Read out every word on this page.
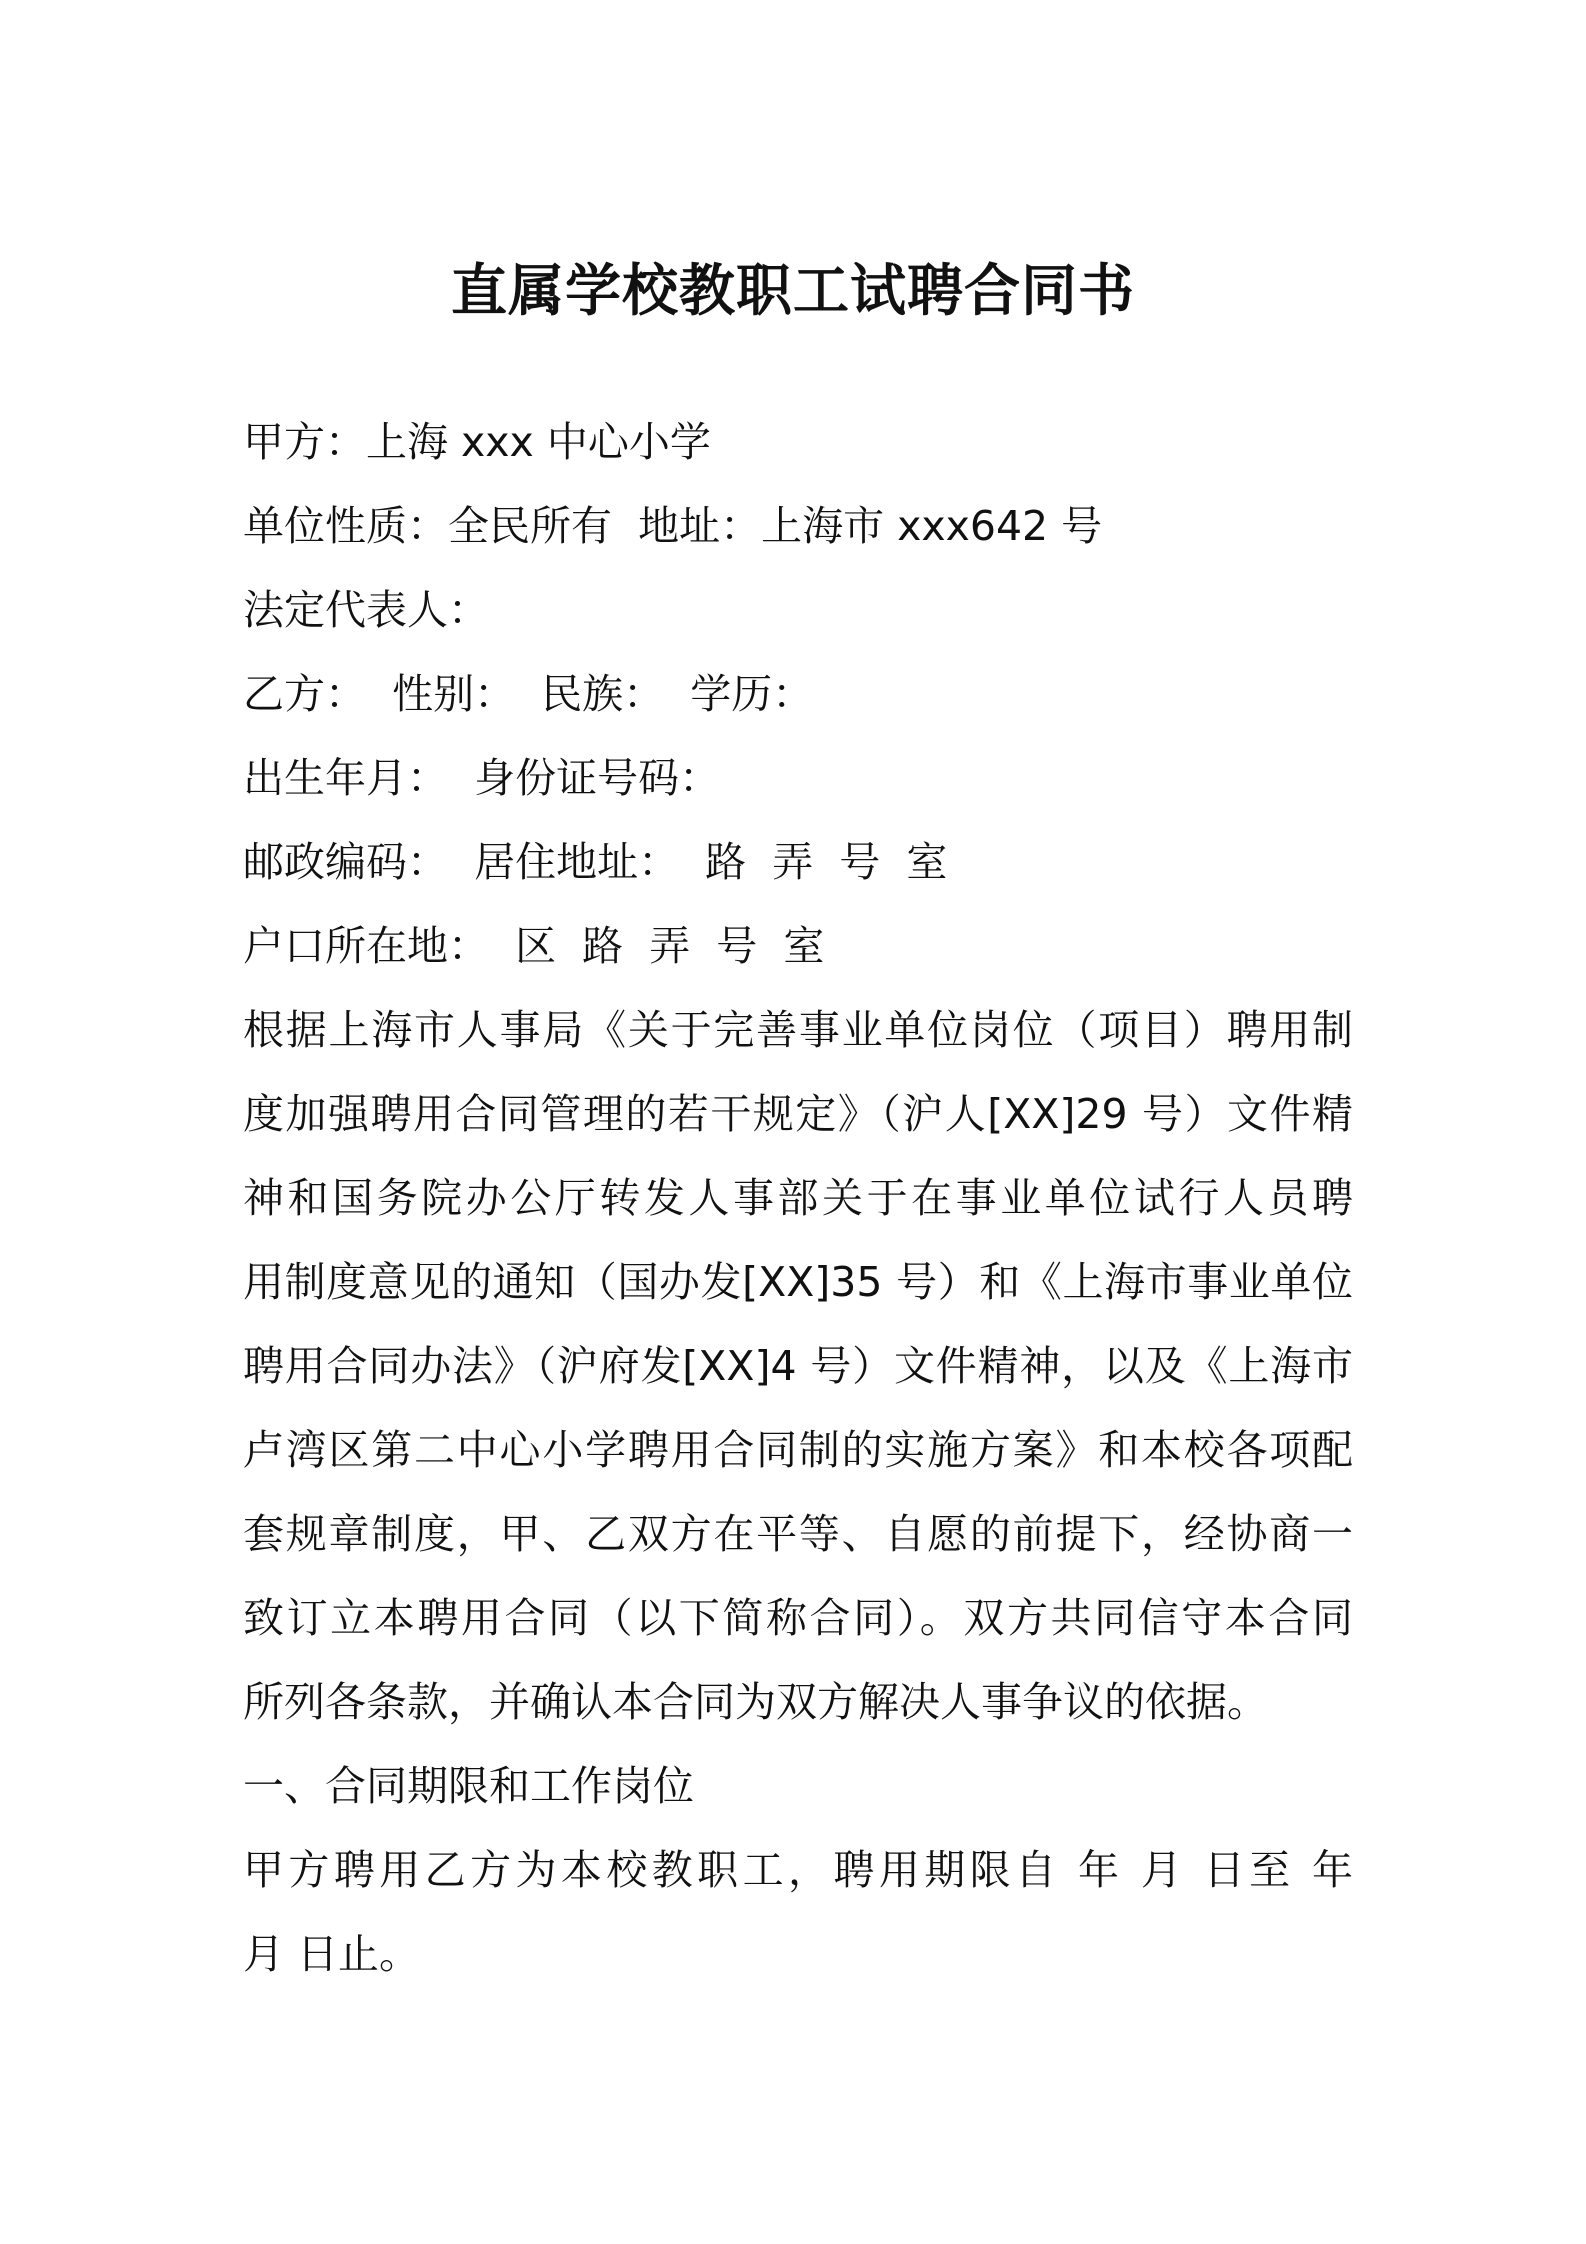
直属学校教职工试聘合同书

甲方：上海 xxx 中心小学

单位性质：全民所有  地址：上海市 xxx642 号

法定代表人：

乙方：  性别：  民族：  学历：

出生年月：  身份证号码：

邮政编码：  居住地址：  路  弄  号  室

户口所在地：  区  路  弄  号  室

根据上海市人事局《关于完善事业单位岗位（项目）聘用制

度加强聘用合同管理的若干规定》（沪人[XX]29 号）文件精

神和国务院办公厅转发人事部关于在事业单位试行人员聘

用制度意见的通知（国办发[XX]35 号）和《上海市事业单位

聘用合同办法》（沪府发[XX]4 号）文件精神，以及《上海市

卢湾区第二中心小学聘用合同制的实施方案》和本校各项配

套规章制度，甲、乙双方在平等、自愿的前提下，经协商一

致订立本聘用合同（以下简称合同）。双方共同信守本合同

所列各条款，并确认本合同为双方解决人事争议的依据。

一、合同期限和工作岗位

甲方聘用乙方为本校教职工，聘用期限自 年 月 日至 年

月 日止。
